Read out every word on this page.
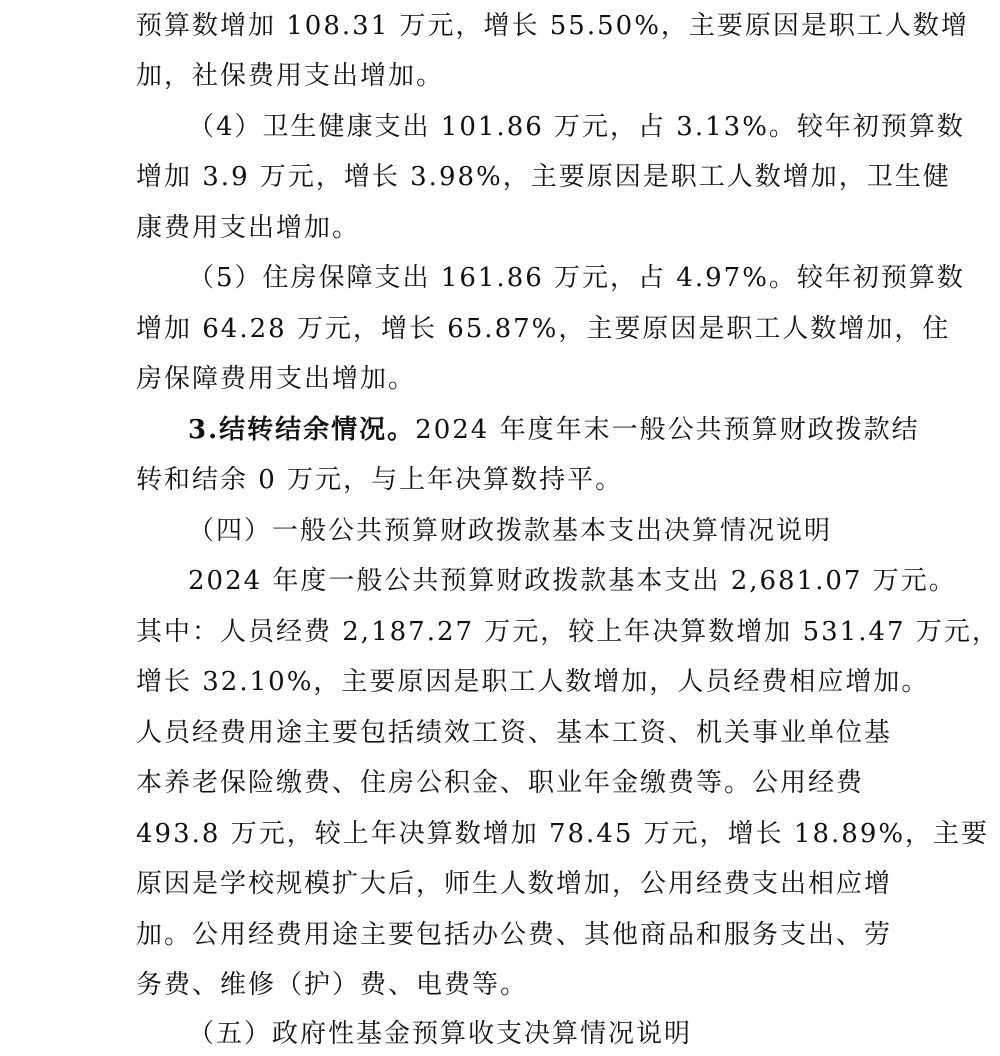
预算数增加 108.31 万元，增长 55.50%，主要原因是职工人数增
加，社保费用支出增加。
（4）卫生健康支出 101.86 万元，占 3.13%。较年初预算数
增加 3.9 万元，增长 3.98%，主要原因是职工人数增加，卫生健
康费用支出增加。
（5）住房保障支出 161.86 万元，占 4.97%。较年初预算数
增加 64.28 万元，增长 65.87%，主要原因是职工人数增加，住
房保障费用支出增加。
3.结转结余情况。2024 年度年末一般公共预算财政拨款结
转和结余 0 万元，与上年决算数持平。
（四）一般公共预算财政拨款基本支出决算情况说明
2024 年度一般公共预算财政拨款基本支出 2,681.07 万元。
其中：人员经费 2,187.27 万元，较上年决算数增加 531.47 万元，
增长 32.10%，主要原因是职工人数增加，人员经费相应增加。
人员经费用途主要包括绩效工资、基本工资、机关事业单位基
本养老保险缴费、住房公积金、职业年金缴费等。公用经费
493.8 万元，较上年决算数增加 78.45 万元，增长 18.89%，主要
原因是学校规模扩大后，师生人数增加，公用经费支出相应增
加。公用经费用途主要包括办公费、其他商品和服务支出、劳
务费、维修（护）费、电费等。
（五）政府性基金预算收支决算情况说明
